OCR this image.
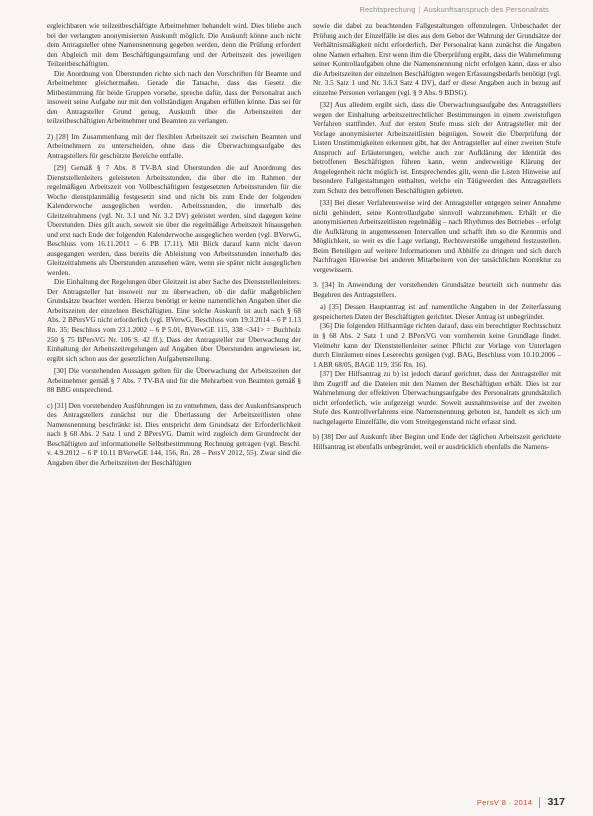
Rechtsprechung | Auskunftsanspruch des Personalrats

ergleichbaren wie teilzeitbeschäftigte Arbeitnehmer behandelt wird. Dies bliebe auch bei der verlangten anonymisierten Auskunft möglich. Die Auskunft könne auch nicht dem Antragsteller ohne Namensnennung gegeben werden, denn die Prüfung erfordert den Abgleich mit dem Beschäftigungsumfang und der Arbeitszeit des jeweiligen Teilzeitbeschäftigten.

Die Anordnung von Überstunden richte sich nach den Vorschriften für Beamte und Arbeitnehmer gleichermaßen. Gerade die Tatsache, dass das Gesetz die Mitbestimmung für beide Gruppen vorsehe, spreche dafür, dass der Personalrat auch insoweit seine Aufgabe nur mit den vollständigen Angaben erfüllen könne. Das sei für den Antragsteller Grund genug, Auskunft über die Arbeitszeiten der teilzeitbeschäftigten Arbeitnehmer und Beamten zu verlangen.

2) [28] Im Zusammenhang mit der flexiblen Arbeitszeit sei zwischen Beamten und Arbeitnehmern zu unterscheiden, ohne dass die Überwachungsaufgabe des Antragstellers für geschützte Bereiche entfalle.

[29] Gemäß § 7 Abs. 8 TV-BA sind Überstunden die auf Anordnung des Dienststellenleiters geleisteten Arbeitsstunden, die über die im Rahmen der regelmäßigen Arbeitszeit von Vollbeschäftigten festgesetzten Arbeitsstunden für die Woche dienstplanmäßig festgesetzt sind und nicht bis zum Ende der folgenden Kalenderwoche ausgeglichen werden. Arbeitsstunden, die innerhalb des Gleitzeitrahmens (vgl. Nr. 3.1 und Nr. 3.2 DV) geleistet werden, sind dagegen keine Überstunden. Dies gilt auch, soweit sie über die regelmäßige Arbeitszeit hinausgehen und erst nach Ende der folgenden Kalenderwoche ausgeglichen werden (vgl. BVerwG, Beschluss vom 16.11.2011 – 6 PB 17.11). Mit Blick darauf kann nicht davon ausgegangen werden, dass bereits die Ableistung von Arbeitsstunden innerhalb des Gleitzeitrahmens als Überstunden anzusehen wäre, wenn sie später nicht ausgeglichen werden.

Die Einhaltung der Regelungen über Gleitzeit ist aber Sache des Dienststellenleiters. Der Antragsteller hat insoweit nur zu überwachen, ob die dafür maßgeblichen Grundsätze beachtet werden. Hierzu benötigt er keine namentlichen Angaben über die Arbeitszeiten der einzelnen Beschäftigten. Eine solche Auskunft ist auch nach § 68 Abs. 2 BPersVG nicht erforderlich (vgl. BVerwG, Beschluss vom 19.3.2014 – 6 P 1.13 Rn. 35; Beschluss vom 23.1.2002 – 6 P 5.01, BVerwGE 115, 338 <341> = Buchholz 250 § 75 BPersVG Nr. 106 S. 42 ff.). Dass der Antragsteller zur Überwachung der Einhaltung der Arbeitszeitregelungen auf Angaben über Überstunden angewiesen ist, ergibt sich schon aus der gesetzlichen Aufgabenstellung.

[30] Die vorstehenden Aussagen gelten für die Überwachung der Arbeitszeiten der Arbeitnehmer gemäß § 7 Abs. 7 TV-BA und für die Mehrarbeit von Beamten gemäß § 88 BBG entsprechend.

c) [31] Den vorstehenden Ausführungen ist zu entnehmen, dass der Auskunftsanspruch des Antragstellers zunächst nur die Überlassung der Arbeitszeitlisten ohne Namensnennung beschränkt ist. Dies entspricht dem Grundsatz der Erforderlichkeit nach § 68 Abs. 2 Satz 1 und 2 BPersVG. Damit wird zugleich dem Grundrecht der Beschäftigten auf informationelle Selbstbestimmung Rechnung getragen (vgl. Beschl. v. 4.9.2012 – 6 P 10.11 BVerwGE 144, 156, Rn. 28 – PersV 2012, 55). Zwar sind die Angaben über die Arbeitszeiten der Beschäftigten

sowie die dabei zu beachtenden Fallgestaltungen offenzulegen. Unbeschadet der Prüfung auch der Einzelfälle ist dies aus dem Gebot der Wahrung der Grundsätze der Verhältnismäßigkeit nicht erforderlich. Der Personalrat kann zunächst die Angaben ohne Namen erhalten. Erst wenn ihm die Überprüfung ergibt, dass die Wahrnehmung seiner Kontrollaufgaben ohne die Namensnennung nicht erfolgen kann, dass er also die Arbeitszeiten der einzelnen Beschäftigten wegen Erfassungsbedarfs benötigt (vgl. Nr. 3.5 Satz 1 und Nr. 3.6.3 Satz 4 DV), darf er diese Angaben auch in bezug auf einzelne Personen verlangen (vgl. § 9 Abs. 9 BDSG).

[32] Aus alledem ergibt sich, dass die Überwachungsaufgabe des Antragstellers wegen der Einhaltung arbeitszeitrechtlicher Bestimmungen in einem zweistufigen Verfahren stattfindet. Auf der ersten Stufe muss sich der Antragsteller mit der Vorlage anonymisierter Arbeitszeitlisten begnügen. Soweit die Überprüfung der Listen Unstimmigkeiten erkennen gibt, hat der Antragsteller auf einer zweiten Stufe Anspruch auf Erläuterungen, welche auch zur Aufklärung der Identität des betroffenen Beschäftigten führen kann, wenn anderweitige Klärung der Angelegenheit nicht möglich ist. Entsprechendes gilt, wenn die Listen Hinweise auf besondere Fallgestaltungen enthalten, welche ein Tätigwerden des Antragstellers zum Schutz des betroffenen Beschäftigten gebieten.

[33] Bei dieser Verfahrensweise wird der Antragsteller entgegen seiner Annahme nicht gehindert, seine Kontrollaufgabe sinnvoll wahrzunehmen. Erhält er die anonymisierten Arbeitszeitlisten regelmäßig – nach Rhythmus des Betriebes – erfolgt die Aufklärung in angemessenen Intervallen und schafft ihm so die Kenntnis und Möglichkeit, so weit es die Lage verlangt, Rechtsverstöße umgehend festzustellen. Beim Beteiligen auf weitere Informationen und Abhilfe zu dringen und sich durch Nachfragen Hinweise bei anderen Mitarbeitern von der tatsächlichen Korrektur zu vergewissern.

3. [34] In Anwendung der vorstehenden Grundsätze beurteilt sich nunmehr das Begehren des Antragstellers.

a) [35] Dessen Hauptantrag ist auf namentliche Angaben in der Zeiterfassung gespeicherten Daten der Beschäftigten gerichtet. Dieser Antrag ist unbegründet.

[36] Die folgenden Hilfsanträge richten darauf, dass ein berechtigter Rechtsschutz in § 68 Abs. 2 Satz 1 und 2 BPersVG von vornherein keine Grundlage findet. Vielmehr kann der Dienststellenleiter seiner Pflicht zur Vorlage von Unterlagen durch Einräumen eines Leserechts genügen (vgl. BAG, Beschluss vom 10.10.2006 – 1 ABR 68/05, BAGE 119, 356 Rn. 16).

[37] Der Hilfsantrag zu b) ist jedoch darauf gerichtet, dass der Antragsteller mit ihm Zugriff auf die Dateien mit den Namen der Beschäftigten erhält. Dies ist zur Wahrnehmung der effektiven Überwachungsaufgabe des Personalrats grundsätzlich nicht erforderlich, wie aufgezeigt wurde. Soweit ausnahmsweise auf der zweiten Stufe des Kontrollverfahrens eine Namensnennung geboten ist, handelt es sich um nachgelagerte Einzelfälle, die vom Streitgegenstand nicht erfasst sind.

b) [38] Der auf Auskunft über Beginn und Ende der täglichen Arbeitszeit gerichtete Hilfsantrag ist ebenfalls unbegründet, weil er ausdrücklich ebenfalls die Namens-

PersV 8 · 2014 317
